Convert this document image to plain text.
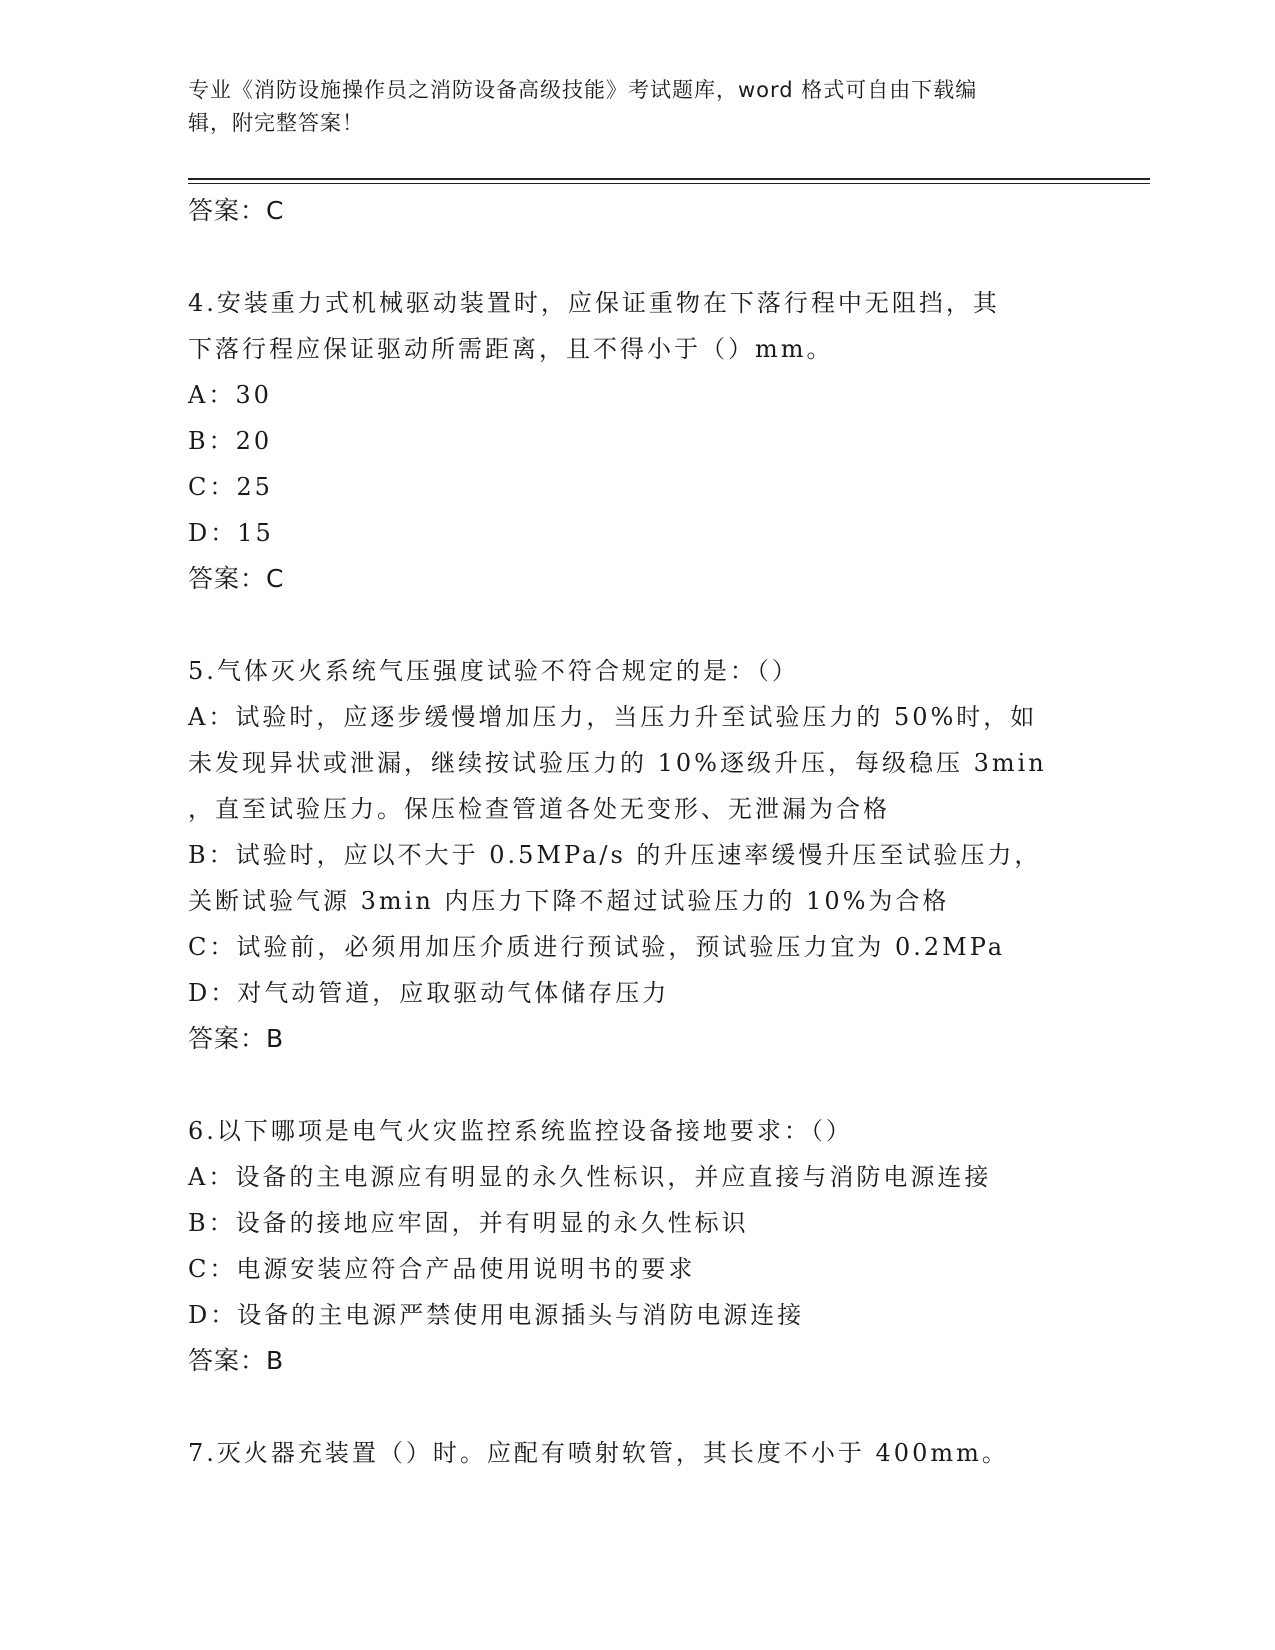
专业《消防设施操作员之消防设备高级技能》考试题库，word 格式可自由下载编
辑，附完整答案！
答案：C
4.安装重力式机械驱动装置时，应保证重物在下落行程中无阻挡，其
下落行程应保证驱动所需距离，且不得小于（）mm。
A：30
B：20
C：25
D：15
答案：C
5.气体灭火系统气压强度试验不符合规定的是：（）
A：试验时，应逐步缓慢增加压力，当压力升至试验压力的 50%时，如
未发现异状或泄漏，继续按试验压力的 10%逐级升压，每级稳压 3min
，直至试验压力。保压检查管道各处无变形、无泄漏为合格
B：试验时，应以不大于 0.5MPa/s 的升压速率缓慢升压至试验压力，
关断试验气源 3min 内压力下降不超过试验压力的 10%为合格
C：试验前，必须用加压介质进行预试验，预试验压力宜为 0.2MPa
D：对气动管道，应取驱动气体储存压力
答案：B
6.以下哪项是电气火灾监控系统监控设备接地要求：（）
A：设备的主电源应有明显的永久性标识，并应直接与消防电源连接
B：设备的接地应牢固，并有明显的永久性标识
C：电源安装应符合产品使用说明书的要求
D：设备的主电源严禁使用电源插头与消防电源连接
答案：B
7.灭火器充装置（）时。应配有喷射软管，其长度不小于 400mm。
